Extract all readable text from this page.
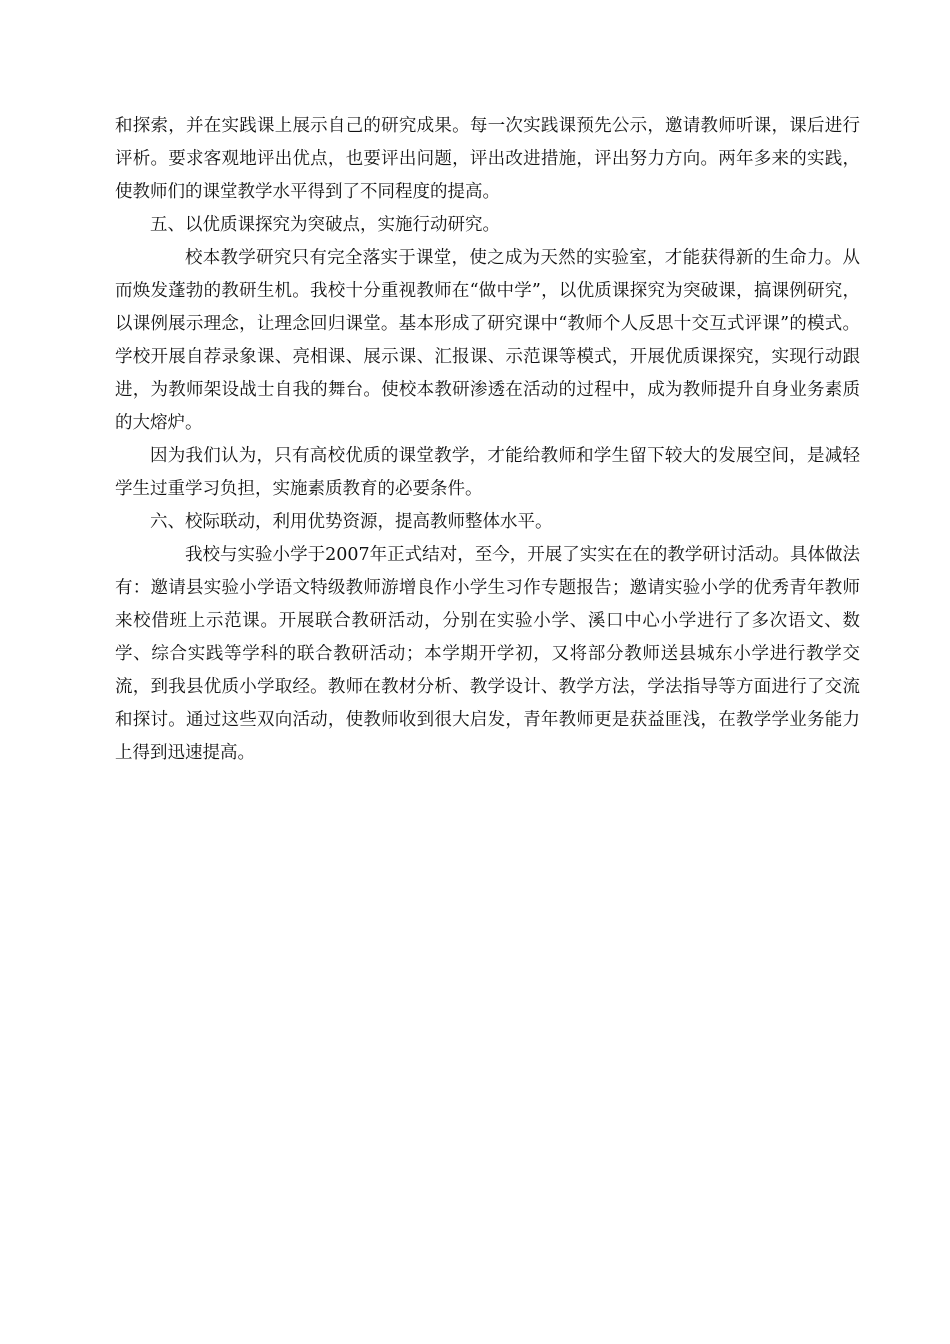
和探索，并在实践课上展示自己的研究成果。每一次实践课预先公示，邀请教师听课，课后进行评析。要求客观地评出优点，也要评出问题，评出改进措施，评出努力方向。两年多来的实践，使教师们的课堂教学水平得到了不同程度的提高。

五、以优质课探究为突破点，实施行动研究。

校本教学研究只有完全落实于课堂，使之成为天然的实验室，才能获得新的生命力。从而焕发蓬勃的教研生机。我校十分重视教师在“做中学”，以优质课探究为突破课，搞课例研究，以课例展示理念，让理念回归课堂。基本形成了研究课中“教师个人反思十交互式评课”的模式。学校开展自荐录象课、亮相课、展示课、汇报课、示范课等模式，开展优质课探究，实现行动跟进，为教师架设战士自我的舞台。使校本教研渗透在活动的过程中，成为教师提升自身业务素质的大熔炉。

因为我们认为，只有高校优质的课堂教学，才能给教师和学生留下较大的发展空间，是减轻学生过重学习负担，实施素质教育的必要条件。

六、校际联动，利用优势资源，提高教师整体水平。

我校与实验小学于2007年正式结对，至今，开展了实实在在的教学研讨活动。具体做法有：邀请县实验小学语文特级教师游增良作小学生习作专题报告；邀请实验小学的优秀青年教师来校借班上示范课。开展联合教研活动，分别在实验小学、溪口中心小学进行了多次语文、数学、综合实践等学科的联合教研活动；本学期开学初，又将部分教师送县城东小学进行教学交流，到我县优质小学取经。教师在教材分析、教学设计、教学方法，学法指导等方面进行了交流和探讨。通过这些双向活动，使教师收到很大启发，青年教师更是获益匪浅，在教学学业务能力上得到迅速提高。
